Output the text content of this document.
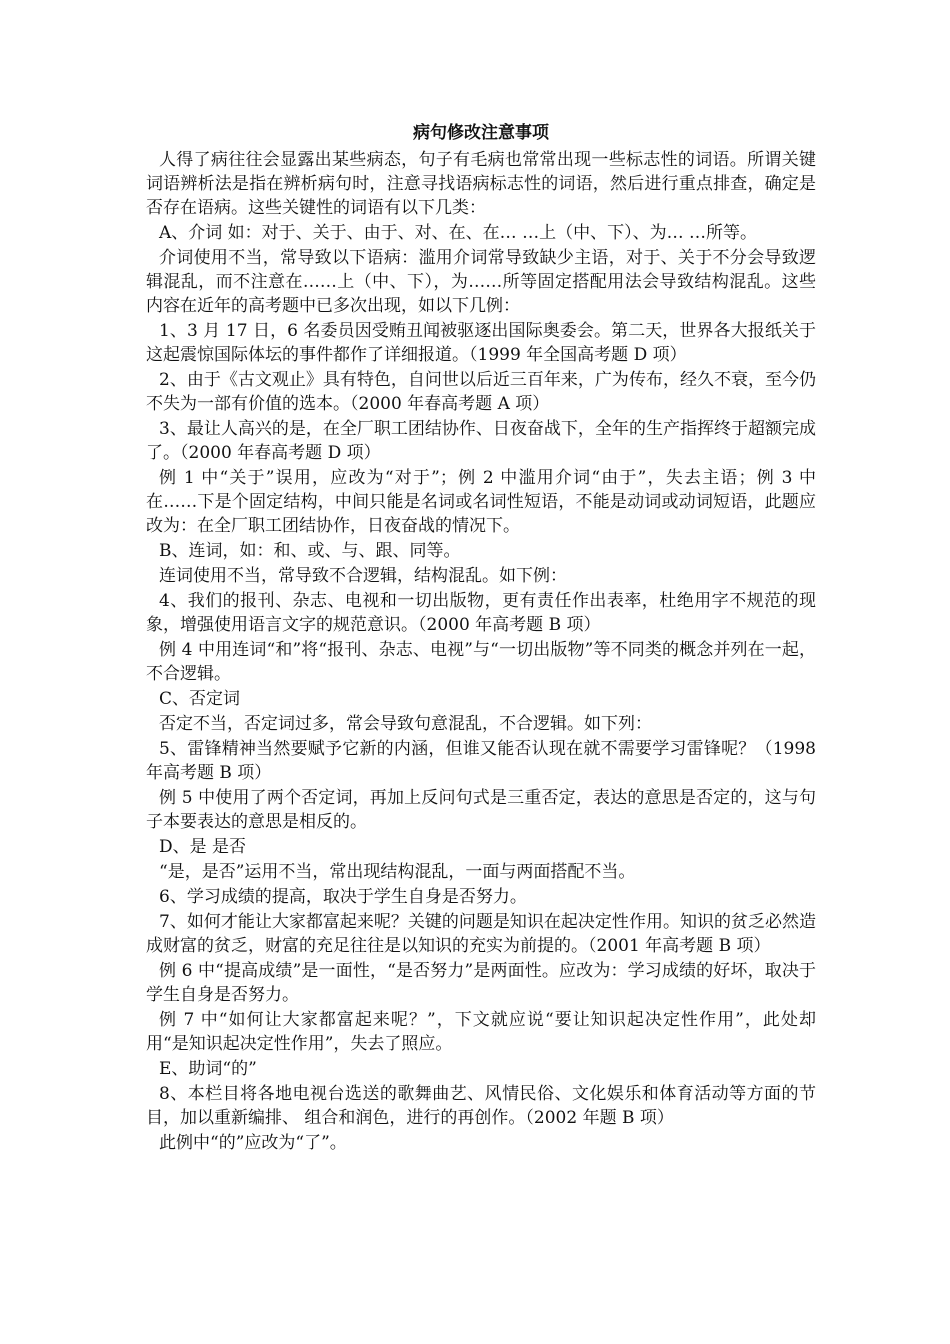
病句修改注意事项

人得了病往往会显露出某些病态，句子有毛病也常常出现一些标志性的词语。所谓关键词语辨析法是指在辨析病句时，注意寻找语病标志性的词语，然后进行重点排查，确定是否存在语病。这些关键性的词语有以下几类：

A、介词 如：对于、关于、由于、对、在、在… …上（中、下）、为… …所等。

介词使用不当，常导致以下语病：滥用介词常导致缺少主语，对于、关于不分会导致逻辑混乱，而不注意在……上（中、下），为……所等固定搭配用法会导致结构混乱。这些内容在近年的高考题中已多次出现，如以下几例：

1、3 月 17 日，6 名委员因受贿丑闻被驱逐出国际奥委会。第二天，世界各大报纸关于这起震惊国际体坛的事件都作了详细报道。（1999 年全国高考题 D 项）

2、由于《古文观止》具有特色，自问世以后近三百年来，广为传布，经久不衰，至今仍不失为一部有价值的选本。（2000 年春高考题 A 项）

3、最让人高兴的是，在全厂职工团结协作、日夜奋战下，全年的生产指挥终于超额完成了。（2000 年春高考题 D 项）

例 1 中“关于”误用，应改为“对于”；例 2 中滥用介词“由于”，失去主语；例 3 中在……下是个固定结构，中间只能是名词或名词性短语，不能是动词或动词短语，此题应改为：在全厂职工团结协作，日夜奋战的情况下。

B、连词，如：和、或、与、跟、同等。

连词使用不当，常导致不合逻辑，结构混乱。如下例：

4、我们的报刊、杂志、电视和一切出版物，更有责任作出表率，杜绝用字不规范的现象，增强使用语言文字的规范意识。（2000 年高考题 B 项）

例 4 中用连词“和”将“报刊、杂志、电视”与“一切出版物”等不同类的概念并列在一起，不合逻辑。

C、否定词

否定不当，否定词过多，常会导致句意混乱，不合逻辑。如下列：

5、雷锋精神当然要赋予它新的内涵，但谁又能否认现在就不需要学习雷锋呢？（1998 年高考题 B 项）

例 5 中使用了两个否定词，再加上反问句式是三重否定，表达的意思是否定的，这与句子本要表达的意思是相反的。

D、是 是否

“是，是否”运用不当，常出现结构混乱，一面与两面搭配不当。

6、学习成绩的提高，取决于学生自身是否努力。

7、如何才能让大家都富起来呢？关键的问题是知识在起决定性作用。知识的贫乏必然造成财富的贫乏，财富的充足往往是以知识的充实为前提的。（2001 年高考题 B 项）

例 6 中“提高成绩”是一面性，“是否努力”是两面性。应改为：学习成绩的好坏，取决于学生自身是否努力。

例 7 中“如何让大家都富起来呢？”，下文就应说“要让知识起决定性作用”，此处却用“是知识起决定性作用”，失去了照应。

E、助词“的”

8、本栏目将各地电视台选送的歌舞曲艺、风情民俗、文化娱乐和体育活动等方面的节目，加以重新编排、 组合和润色，进行的再创作。（2002 年题 B 项）

此例中“的”应改为“了”。
